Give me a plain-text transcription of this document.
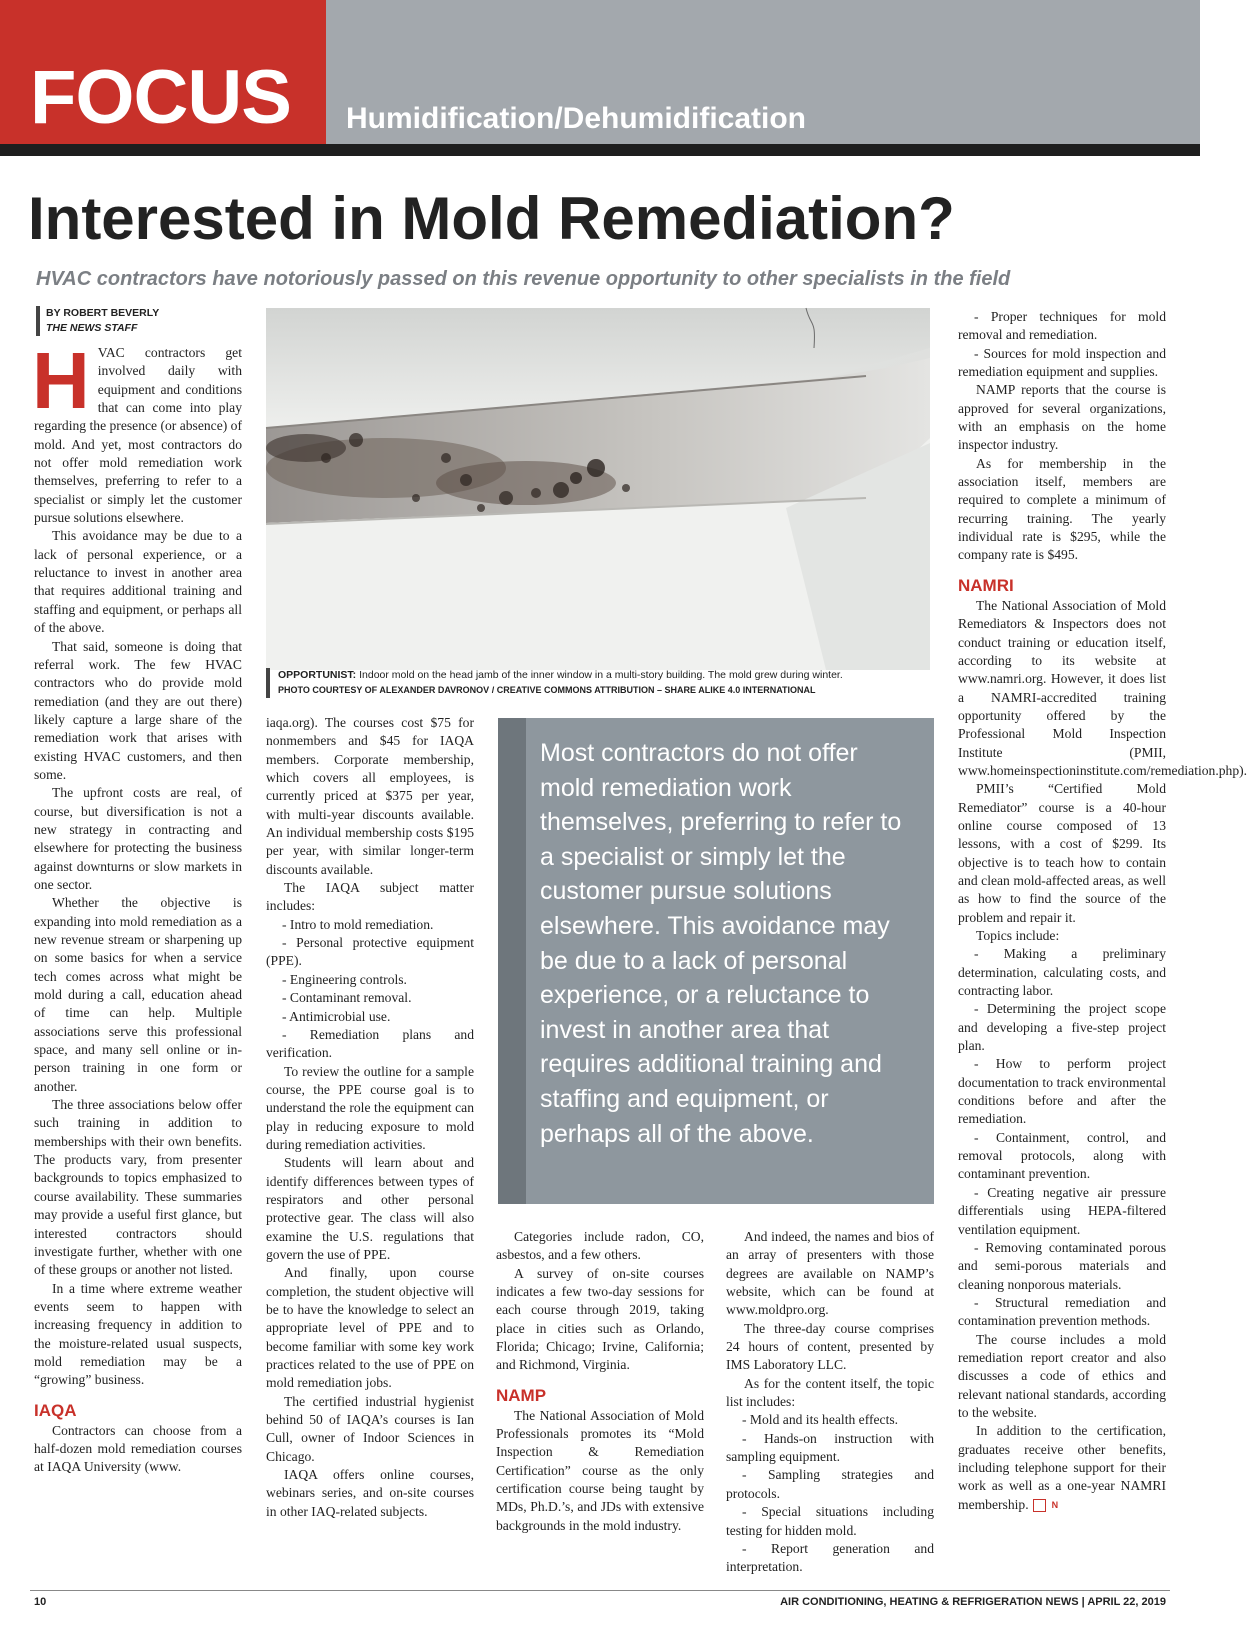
FOCUS Humidification/Dehumidification
Interested in Mold Remediation?
HVAC contractors have notoriously passed on this revenue opportunity to other specialists in the field
BY ROBERT BEVERLY
THE NEWS STAFF
H VAC contractors get involved daily with equipment and conditions that can come into play regarding the presence (or absence) of mold. And yet, most contractors do not offer mold remediation work themselves, preferring to refer to a specialist or simply let the customer pursue solutions elsewhere.

This avoidance may be due to a lack of personal experience, or a reluctance to invest in another area that requires additional training and staffing and equipment, or perhaps all of the above.

That said, someone is doing that referral work. The few HVAC contractors who do provide mold remediation (and they are out there) likely capture a large share of the remediation work that arises with existing HVAC customers, and then some.

The upfront costs are real, of course, but diversification is not a new strategy in contracting and elsewhere for protecting the business against downturns or slow markets in one sector.

Whether the objective is expanding into mold remediation as a new revenue stream or sharpening up on some basics for when a service tech comes across what might be mold during a call, education ahead of time can help. Multiple associations serve this professional space, and many sell online or in-person training in one form or another.

The three associations below offer such training in addition to memberships with their own benefits. The products vary, from presenter backgrounds to topics emphasized to course availability. These summaries may provide a useful first glance, but interested contractors should investigate further, whether with one of these groups or another not listed.

In a time where extreme weather events seem to happen with increasing frequency in addition to the moisture-related usual suspects, mold remediation may be a “growing” business.

IAQA

Contractors can choose from a half-dozen mold remediation courses at IAQA University (www.

OPPORTUNIST: Indoor mold on the head jamb of the inner window in a multi-story building. The mold grew during winter.
PHOTO COURTESY OF ALEXANDER DAVRONOV / CREATIVE COMMONS ATTRIBUTION – SHARE ALIKE 4.0 INTERNATIONAL

iaqa.org). The courses cost $75 for nonmembers and $45 for IAQA members. Corporate membership, which covers all employees, is currently priced at $375 per year, with multi-year discounts available. An individual membership costs $195 per year, with similar longer-term discounts available.

The IAQA subject matter includes:

- Intro to mold remediation.

- Personal protective equipment (PPE).

- Engineering controls.

- Contaminant removal.

- Antimicrobial use.

- Remediation plans and verification.

To review the outline for a sample course, the PPE course goal is to understand the role the equipment can play in reducing exposure to mold during remediation activities.

Students will learn about and identify differences between types of respirators and other personal protective gear. The class will also examine the U.S. regulations that govern the use of PPE.

And finally, upon course completion, the student objective will be to have the knowledge to select an appropriate level of PPE and to become familiar with some key work practices related to the use of PPE on mold remediation jobs.

The certified industrial hygienist behind 50 of IAQA’s courses is Ian Cull, owner of Indoor Sciences in Chicago.

IAQA offers online courses, webinars series, and on-site courses in other IAQ-related subjects.

Most contractors do not offer mold remediation work themselves, preferring to refer to a specialist or simply let the customer pursue solutions elsewhere. This avoidance may be due to a lack of personal experience, or a reluctance to invest in another area that requires additional training and staffing and equipment, or perhaps all of the above.

Categories include radon, CO, asbestos, and a few others.

A survey of on-site courses indicates a few two-day sessions for each course through 2019, taking place in cities such as Orlando, Florida; Chicago; Irvine, California; and Richmond, Virginia.

NAMP

The National Association of Mold Professionals promotes its “Mold Inspection & Remediation Certification” course as the only certification course being taught by MDs, Ph.D.’s, and JDs with extensive backgrounds in the mold industry.

And indeed, the names and bios of an array of presenters with those degrees are available on NAMP’s website, which can be found at www.moldpro.org.

The three-day course comprises 24 hours of content, presented by IMS Laboratory LLC.

As for the content itself, the topic list includes:

- Mold and its health effects.

- Hands-on instruction with sampling equipment.

- Sampling strategies and protocols.

- Special situations including testing for hidden mold.

- Report generation and interpretation.

- Proper techniques for mold removal and remediation.

- Sources for mold inspection and remediation equipment and supplies.

NAMP reports that the course is approved for several organizations, with an emphasis on the home inspector industry.

As for membership in the association itself, members are required to complete a minimum of recurring training. The yearly individual rate is $295, while the company rate is $495.

NAMRI

The National Association of Mold Remediators & Inspectors does not conduct training or education itself, according to its website at www.namri.org. However, it does list a NAMRI-accredited training opportunity offered by the Professional Mold Inspection Institute (PMII, www.homeinspectioninstitute.com/remediation.php).

PMII’s “Certified Mold Remediator” course is a 40-hour online course composed of 13 lessons, with a cost of $299. Its objective is to teach how to contain and clean mold-affected areas, as well as how to find the source of the problem and repair it.

Topics include:

- Making a preliminary determination, calculating costs, and contracting labor.

- Determining the project scope and developing a five-step project plan.

- How to perform project documentation to track environmental conditions before and after the remediation.

- Containment, control, and removal protocols, along with contaminant prevention.

- Creating negative air pressure differentials using HEPA-filtered ventilation equipment.

- Removing contaminated porous and semi-porous materials and cleaning nonporous materials.

- Structural remediation and contamination prevention methods.

The course includes a mold remediation report creator and also discusses a code of ethics and relevant national standards, according to the website.

In addition to the certification, graduates receive other benefits, including telephone support for their work as well as a one-year NAMRI membership.	N

10	AIR CONDITIONING, HEATING & REFRIGERATION NEWS | APRIL 22, 2019
